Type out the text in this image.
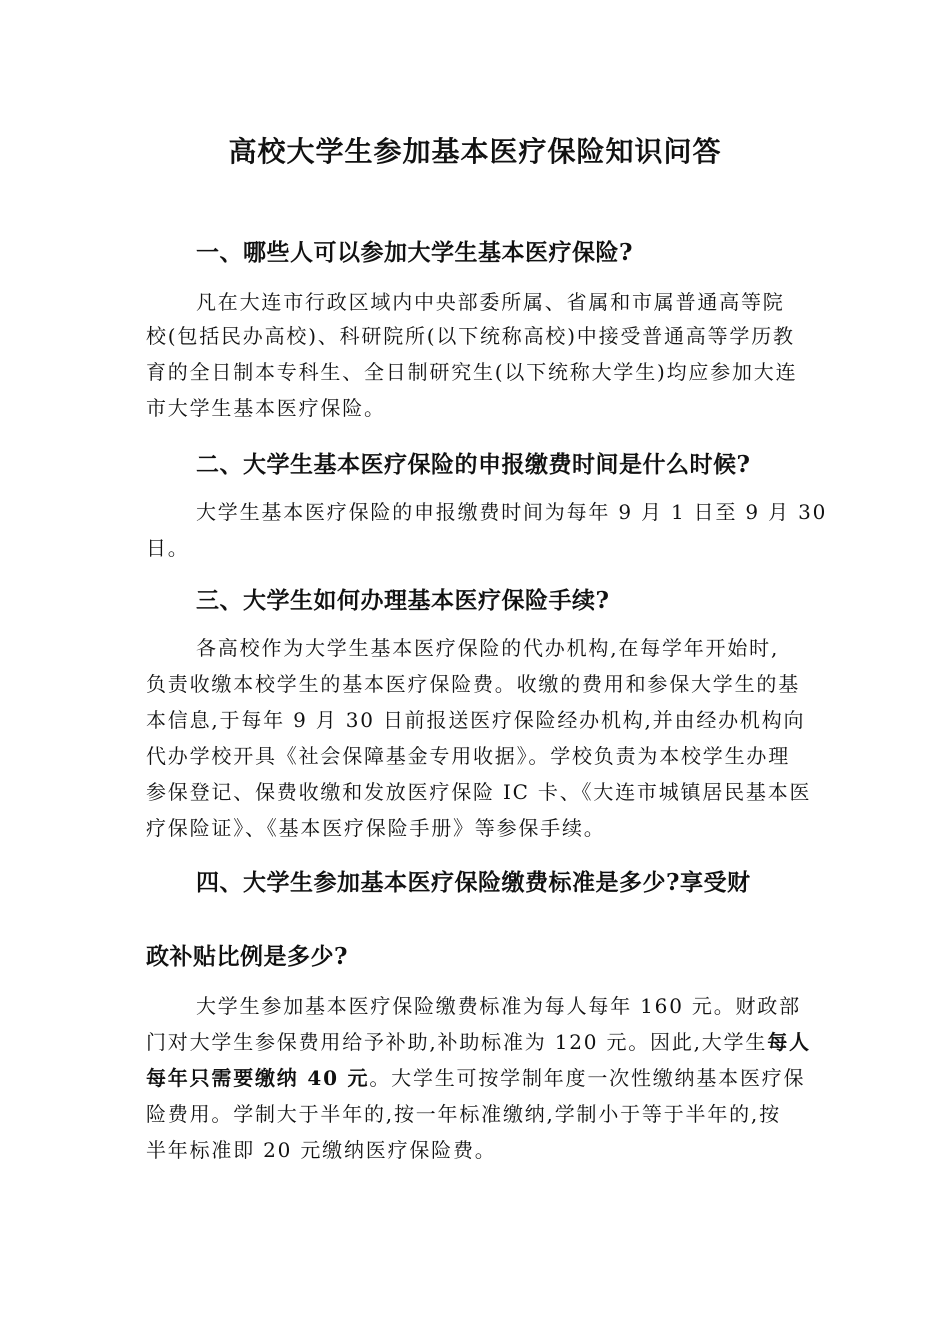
高校大学生参加基本医疗保险知识问答
一、哪些人可以参加大学生基本医疗保险?
凡在大连市行政区域内中央部委所属、省属和市属普通高等院
校(包括民办高校)、科研院所(以下统称高校)中接受普通高等学历教
育的全日制本专科生、全日制研究生(以下统称大学生)均应参加大连
市大学生基本医疗保险。
二、大学生基本医疗保险的申报缴费时间是什么时候?
大学生基本医疗保险的申报缴费时间为每年 9 月 1 日至 9 月 30
日。
三、大学生如何办理基本医疗保险手续?
各高校作为大学生基本医疗保险的代办机构,在每学年开始时,
负责收缴本校学生的基本医疗保险费。收缴的费用和参保大学生的基
本信息,于每年 9 月 30 日前报送医疗保险经办机构,并由经办机构向
代办学校开具《社会保障基金专用收据》。学校负责为本校学生办理
参保登记、保费收缴和发放医疗保险 IC 卡、《大连市城镇居民基本医
疗保险证》、《基本医疗保险手册》等参保手续。
四、大学生参加基本医疗保险缴费标准是多少?享受财
政补贴比例是多少?
大学生参加基本医疗保险缴费标准为每人每年 160 元。财政部
门对大学生参保费用给予补助,补助标准为 120 元。因此,大学生每人
每年只需要缴纳 40 元。大学生可按学制年度一次性缴纳基本医疗保
险费用。学制大于半年的,按一年标准缴纳,学制小于等于半年的,按
半年标准即 20 元缴纳医疗保险费。
